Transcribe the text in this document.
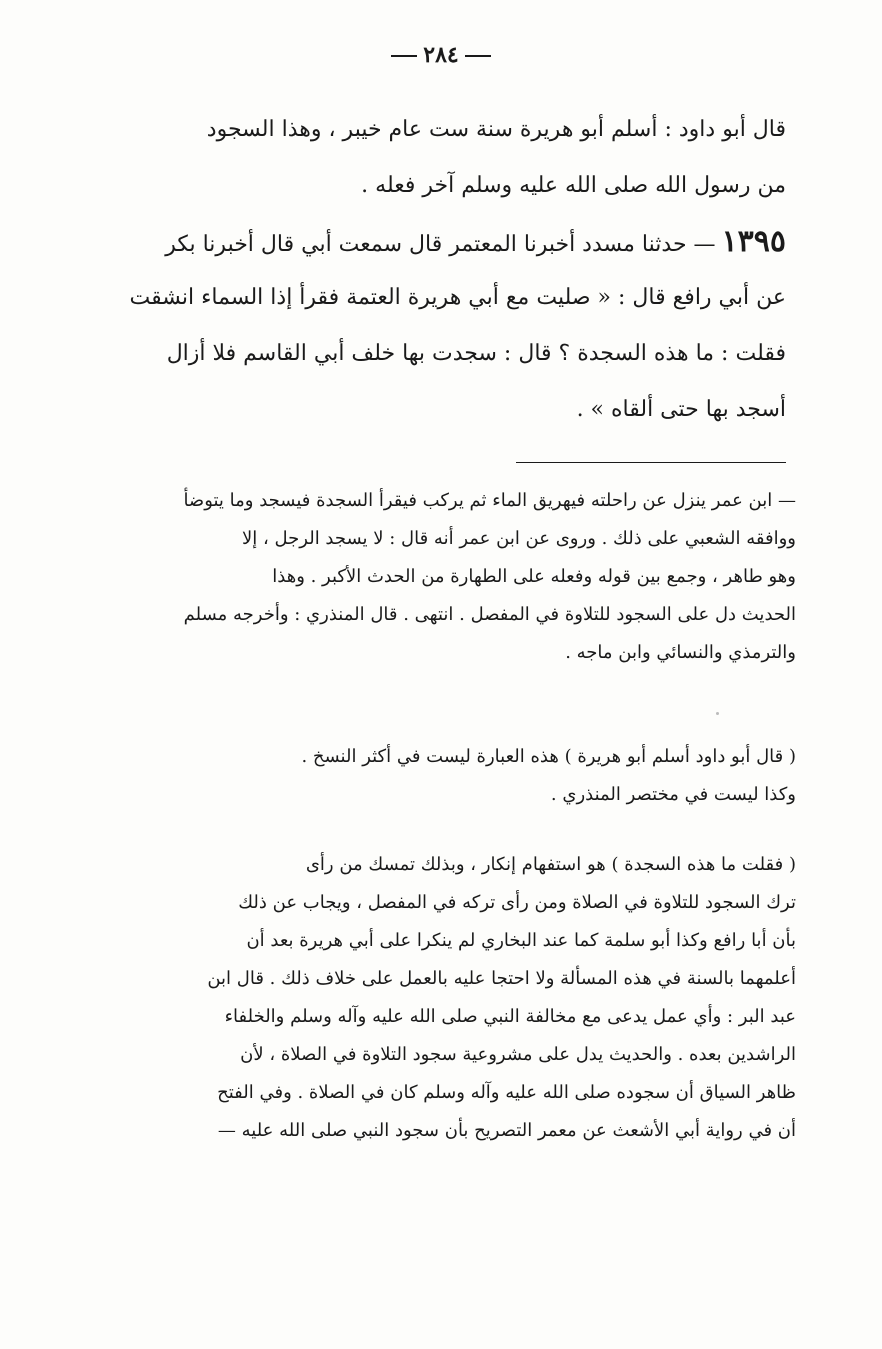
٢٨٤
قال أبو داود : أسلم أبو هريرة سنة ست عام خيبر ، وهذا السجود
من رسول الله صلى الله عليه وسلم آخر فعله .
١٣٩٥— حدثنا مسدد أخبرنا المعتمر قال سمعت أبي قال أخبرنا بكر
عن أبي رافع قال : « صليت مع أبي هريرة العتمة فقرأ إذا السماء انشقت
فقلت : ما هذه السجدة ؟ قال : سجدت بها خلف أبي القاسم فلا أزال
أسجد بها حتى ألقاه » .
— ابن عمر ينزل عن راحلته فيهريق الماء ثم يركب فيقرأ السجدة فيسجد وما يتوضأ
ووافقه الشعبي على ذلك . وروى عن ابن عمر أنه قال : لا يسجد الرجل ، إلا
وهو طاهر ، وجمع بين قوله وفعله على الطهارة من الحدث الأكبر . وهذا
الحديث دل على السجود للتلاوة في المفصل . انتهى . قال المنذري : وأخرجه مسلم
والترمذي والنسائي وابن ماجه .
( قال أبو داود أسلم أبو هريرة ) هذه العبارة ليست في أكثر النسخ .
وكذا ليست في مختصر المنذري .
( فقلت ما هذه السجدة ) هو استفهام إنكار ، وبذلك تمسك من رأى
ترك السجود للتلاوة في الصلاة ومن رأى تركه في المفصل ، ويجاب عن ذلك
بأن أبا رافع وكذا أبو سلمة كما عند البخاري لم ينكرا على أبي هريرة بعد أن
أعلمهما بالسنة في هذه المسألة ولا احتجا عليه بالعمل على خلاف ذلك . قال ابن
عبد البر : وأي عمل يدعى مع مخالفة النبي صلى الله عليه وآله وسلم والخلفاء
الراشدين بعده . والحديث يدل على مشروعية سجود التلاوة في الصلاة ، لأن
ظاهر السياق أن سجوده صلى الله عليه وآله وسلم كان في الصلاة . وفي الفتح
أن في رواية أبي الأشعث عن معمر التصريح بأن سجود النبي صلى الله عليه —
